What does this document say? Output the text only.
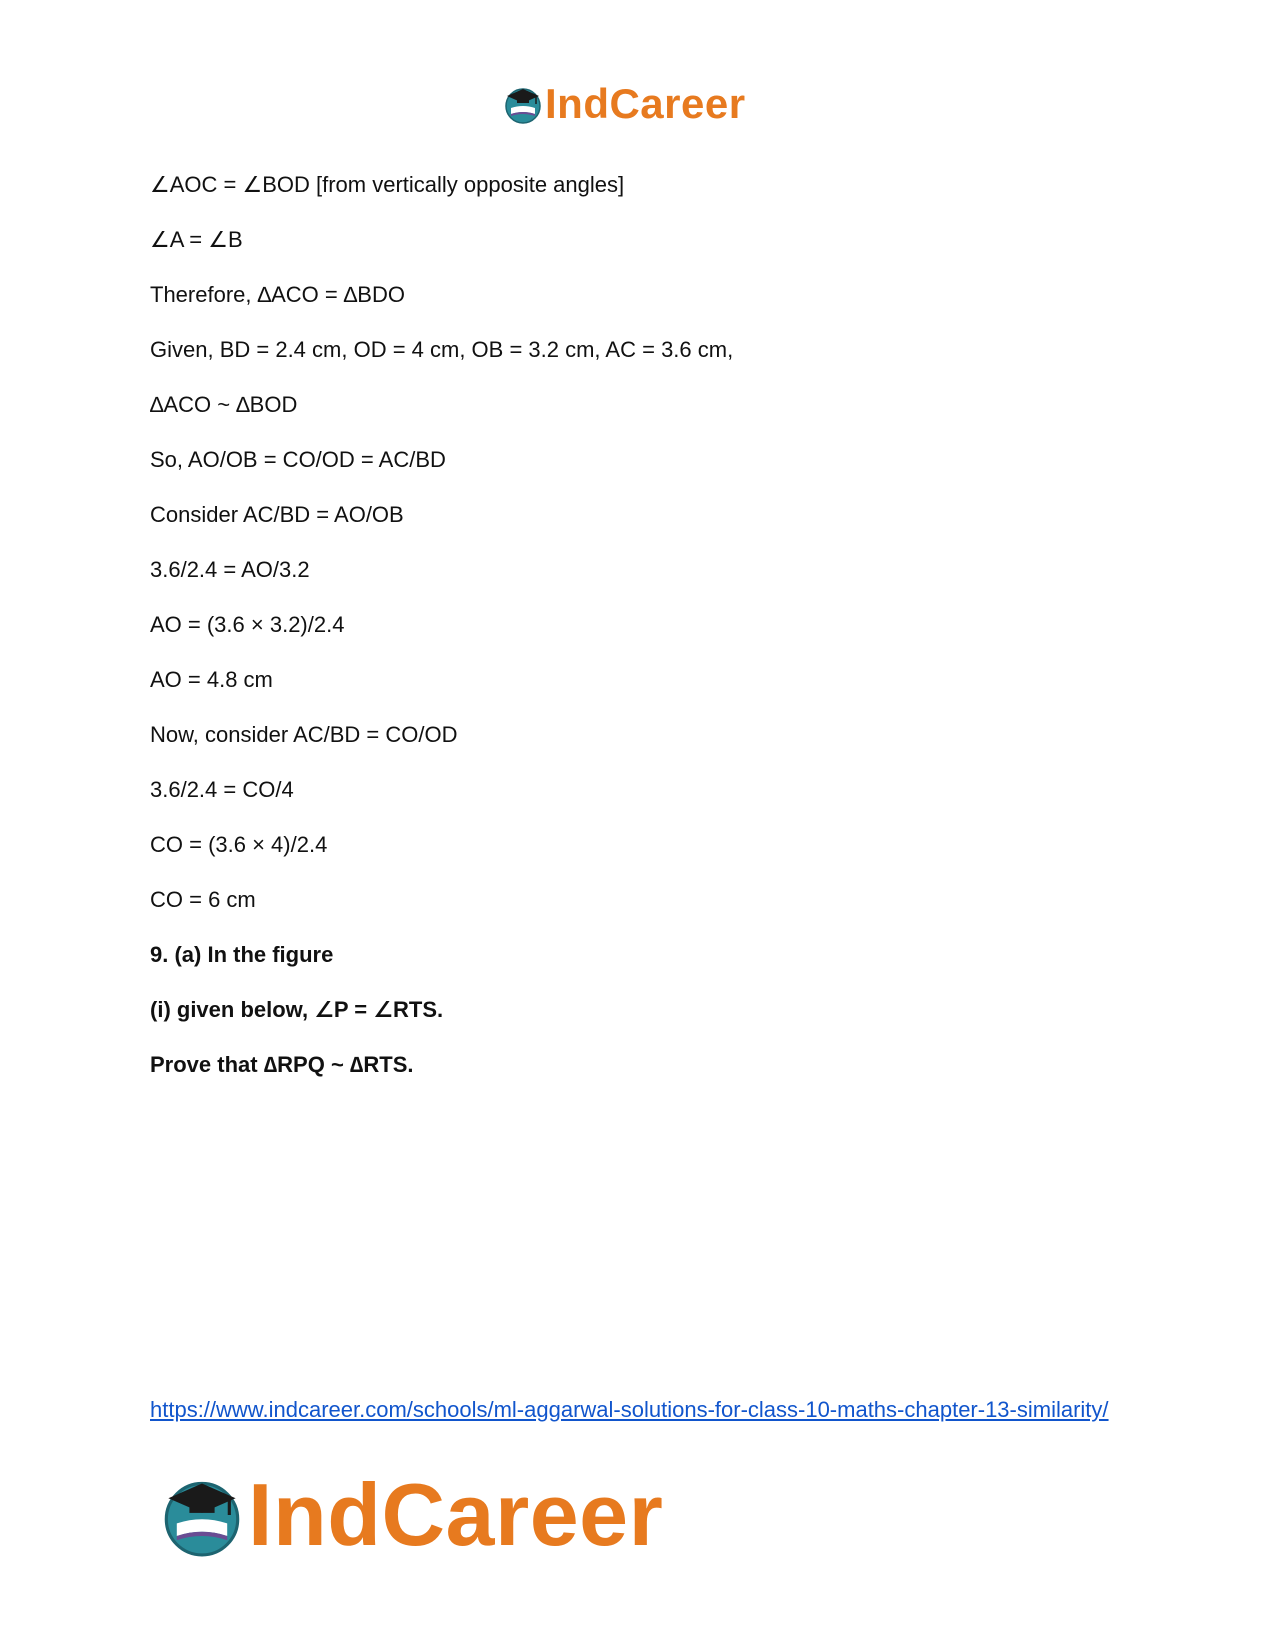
IndCareer
∠AOC = ∠BOD [from vertically opposite angles]
∠A = ∠B
Therefore, ∆ACO = ∆BDO
Given, BD = 2.4 cm, OD = 4 cm, OB = 3.2 cm, AC = 3.6 cm,
∆ACO ~ ∆BOD
So, AO/OB = CO/OD = AC/BD
Consider AC/BD = AO/OB
3.6/2.4 = AO/3.2
AO = (3.6 × 3.2)/2.4
AO = 4.8 cm
Now, consider AC/BD = CO/OD
3.6/2.4 = CO/4
CO = (3.6 × 4)/2.4
CO = 6 cm
9. (a) In the figure
(i) given below, ∠P = ∠RTS.
Prove that ∆RPQ ~ ∆RTS.
https://www.indcareer.com/schools/ml-aggarwal-solutions-for-class-10-maths-chapter-13-similarity/
IndCareer
